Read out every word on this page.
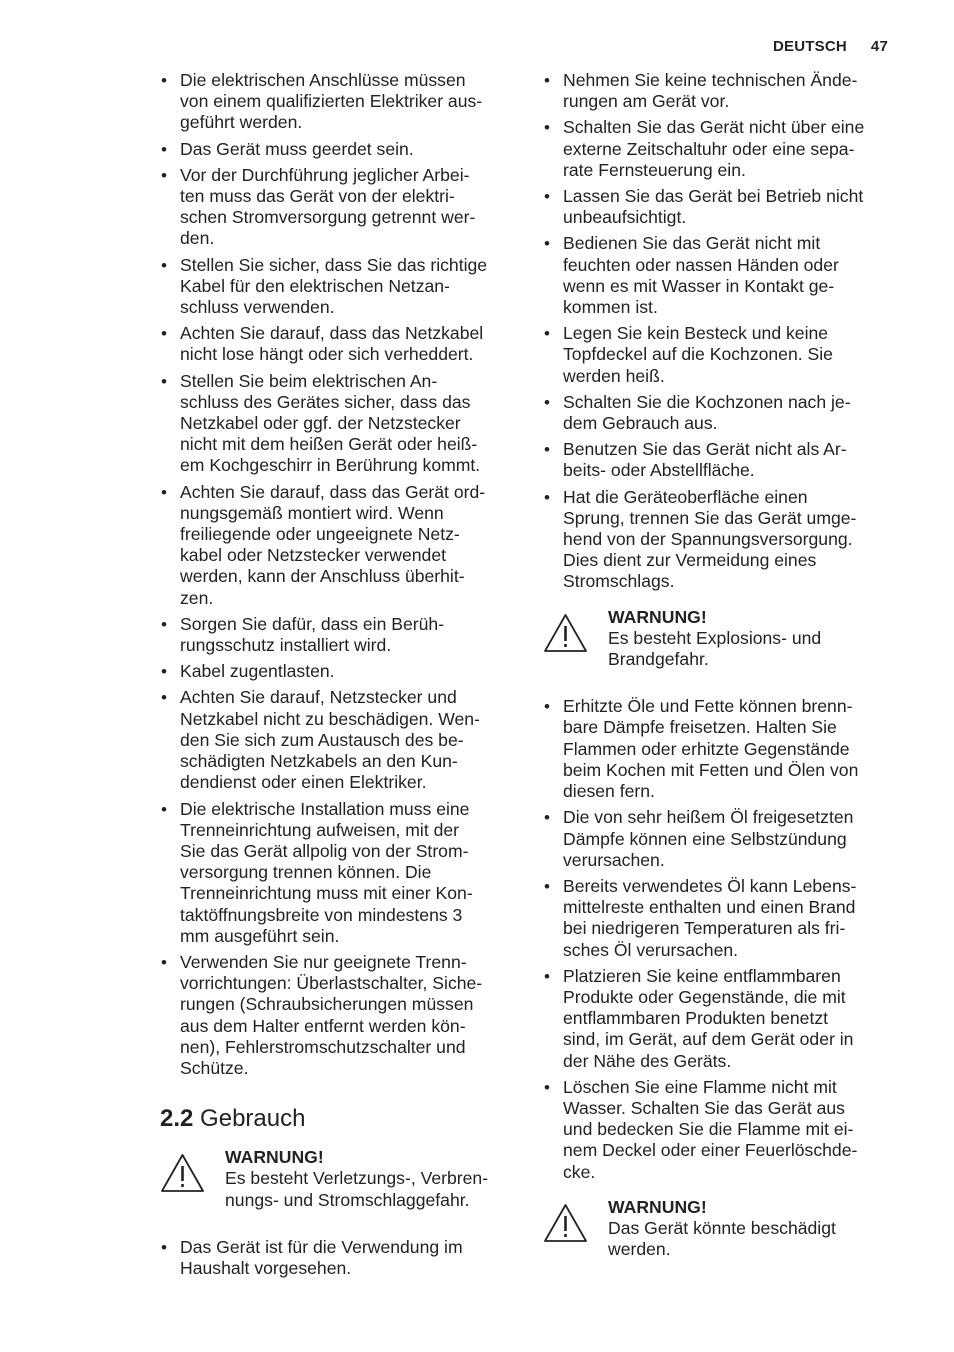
DEUTSCH 47
• Die elektrischen Anschlüsse müssen
von einem qualifizierten Elektriker aus-
geführt werden.
• Das Gerät muss geerdet sein.
• Vor der Durchführung jeglicher Arbei-
ten muss das Gerät von der elektri-
schen Stromversorgung getrennt wer-
den.
• Stellen Sie sicher, dass Sie das richtige
Kabel für den elektrischen Netzan-
schluss verwenden.
• Achten Sie darauf, dass das Netzkabel
nicht lose hängt oder sich verheddert.
• Stellen Sie beim elektrischen An-
schluss des Gerätes sicher, dass das
Netzkabel oder ggf. der Netzstecker
nicht mit dem heißen Gerät oder heiß-
em Kochgeschirr in Berührung kommt.
• Achten Sie darauf, dass das Gerät ord-
nungsgemäß montiert wird. Wenn
freiliegende oder ungeeignete Netz-
kabel oder Netzstecker verwendet
werden, kann der Anschluss überhit-
zen.
• Sorgen Sie dafür, dass ein Berüh-
rungsschutz installiert wird.
• Kabel zugentlasten.
• Achten Sie darauf, Netzstecker und
Netzkabel nicht zu beschädigen. Wen-
den Sie sich zum Austausch des be-
schädigten Netzkabels an den Kun-
dendienst oder einen Elektriker.
• Die elektrische Installation muss eine
Trenneinrichtung aufweisen, mit der
Sie das Gerät allpolig von der Strom-
versorgung trennen können. Die
Trenneinrichtung muss mit einer Kon-
taktöffnungsbreite von mindestens 3
mm ausgeführt sein.
• Verwenden Sie nur geeignete Trenn-
vorrichtungen: Überlastschalter, Siche-
rungen (Schraubsicherungen müssen
aus dem Halter entfernt werden kön-
nen), Fehlerstromschutzschalter und
Schütze.
2.2 Gebrauch
WARNUNG!
Es besteht Verletzungs-, Verbren-
nungs- und Stromschlaggefahr.
• Das Gerät ist für die Verwendung im
Haushalt vorgesehen.
• Nehmen Sie keine technischen Ände-
rungen am Gerät vor.
• Schalten Sie das Gerät nicht über eine
externe Zeitschaltuhr oder eine sepa-
rate Fernsteuerung ein.
• Lassen Sie das Gerät bei Betrieb nicht
unbeaufsichtigt.
• Bedienen Sie das Gerät nicht mit
feuchten oder nassen Händen oder
wenn es mit Wasser in Kontakt ge-
kommen ist.
• Legen Sie kein Besteck und keine
Topfdeckel auf die Kochzonen. Sie
werden heiß.
• Schalten Sie die Kochzonen nach je-
dem Gebrauch aus.
• Benutzen Sie das Gerät nicht als Ar-
beits- oder Abstellfläche.
• Hat die Geräteoberfläche einen
Sprung, trennen Sie das Gerät umge-
hend von der Spannungsversorgung.
Dies dient zur Vermeidung eines
Stromschlags.
WARNUNG!
Es besteht Explosions- und
Brandgefahr.
• Erhitzte Öle und Fette können brenn-
bare Dämpfe freisetzen. Halten Sie
Flammen oder erhitzte Gegenstände
beim Kochen mit Fetten und Ölen von
diesen fern.
• Die von sehr heißem Öl freigesetzten
Dämpfe können eine Selbstzündung
verursachen.
• Bereits verwendetes Öl kann Lebens-
mittelreste enthalten und einen Brand
bei niedrigeren Temperaturen als fri-
sches Öl verursachen.
• Platzieren Sie keine entflammbaren
Produkte oder Gegenstände, die mit
entflammbaren Produkten benetzt
sind, im Gerät, auf dem Gerät oder in
der Nähe des Geräts.
• Löschen Sie eine Flamme nicht mit
Wasser. Schalten Sie das Gerät aus
und bedecken Sie die Flamme mit ei-
nem Deckel oder einer Feuerlöschde-
cke.
WARNUNG!
Das Gerät könnte beschädigt
werden.
